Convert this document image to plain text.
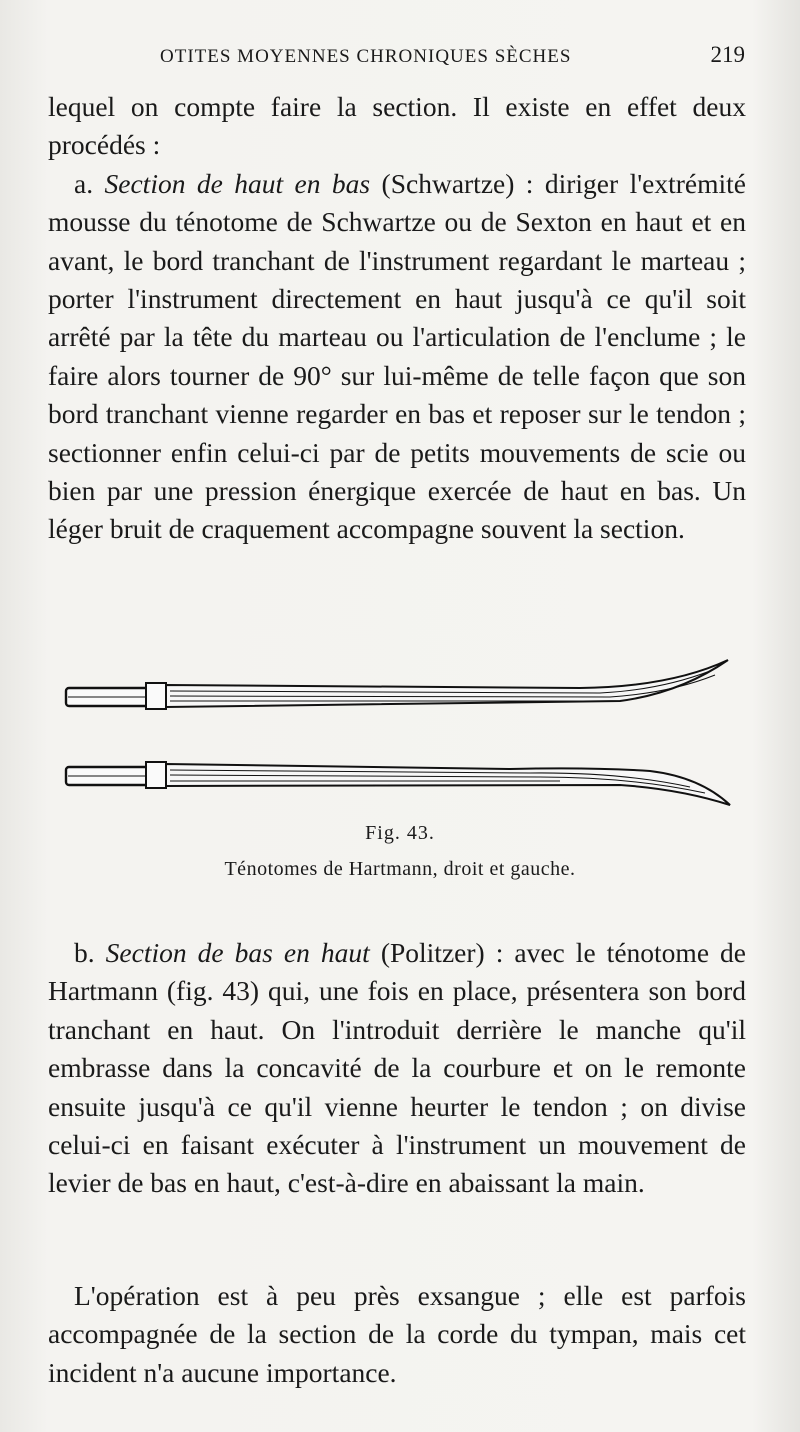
OTITES MOYENNES CHRONIQUES SÈCHES	219

lequel on compte faire la section. Il existe en effet deux procédés :

a. Section de haut en bas (Schwartze) : diriger l'extrémité mousse du ténotome de Schwartze ou de Sexton en haut et en avant, le bord tranchant de l'instrument regardant le marteau ; porter l'instrument directement en haut jusqu'à ce qu'il soit arrêté par la tête du marteau ou l'articulation de l'enclume ; le faire alors tourner de 90° sur lui-même de telle façon que son bord tranchant vienne regarder en bas et reposer sur le tendon ; sectionner enfin celui-ci par de petits mouvements de scie ou bien par une pression énergique exercée de haut en bas. Un léger bruit de craquement accompagne souvent la section.

Fig. 43.
Ténotomes de Hartmann, droit et gauche.

b. Section de bas en haut (Politzer) : avec le ténotome de Hartmann (fig. 43) qui, une fois en place, présentera son bord tranchant en haut. On l'introduit derrière le manche qu'il embrasse dans la concavité de la courbure et on le remonte ensuite jusqu'à ce qu'il vienne heurter le tendon ; on divise celui-ci en faisant exécuter à l'instrument un mouvement de levier de bas en haut, c'est-à-dire en abaissant la main.

L'opération est à peu près exsangue ; elle est parfois accompagnée de la section de la corde du tympan, mais cet incident n'a aucune importance.
